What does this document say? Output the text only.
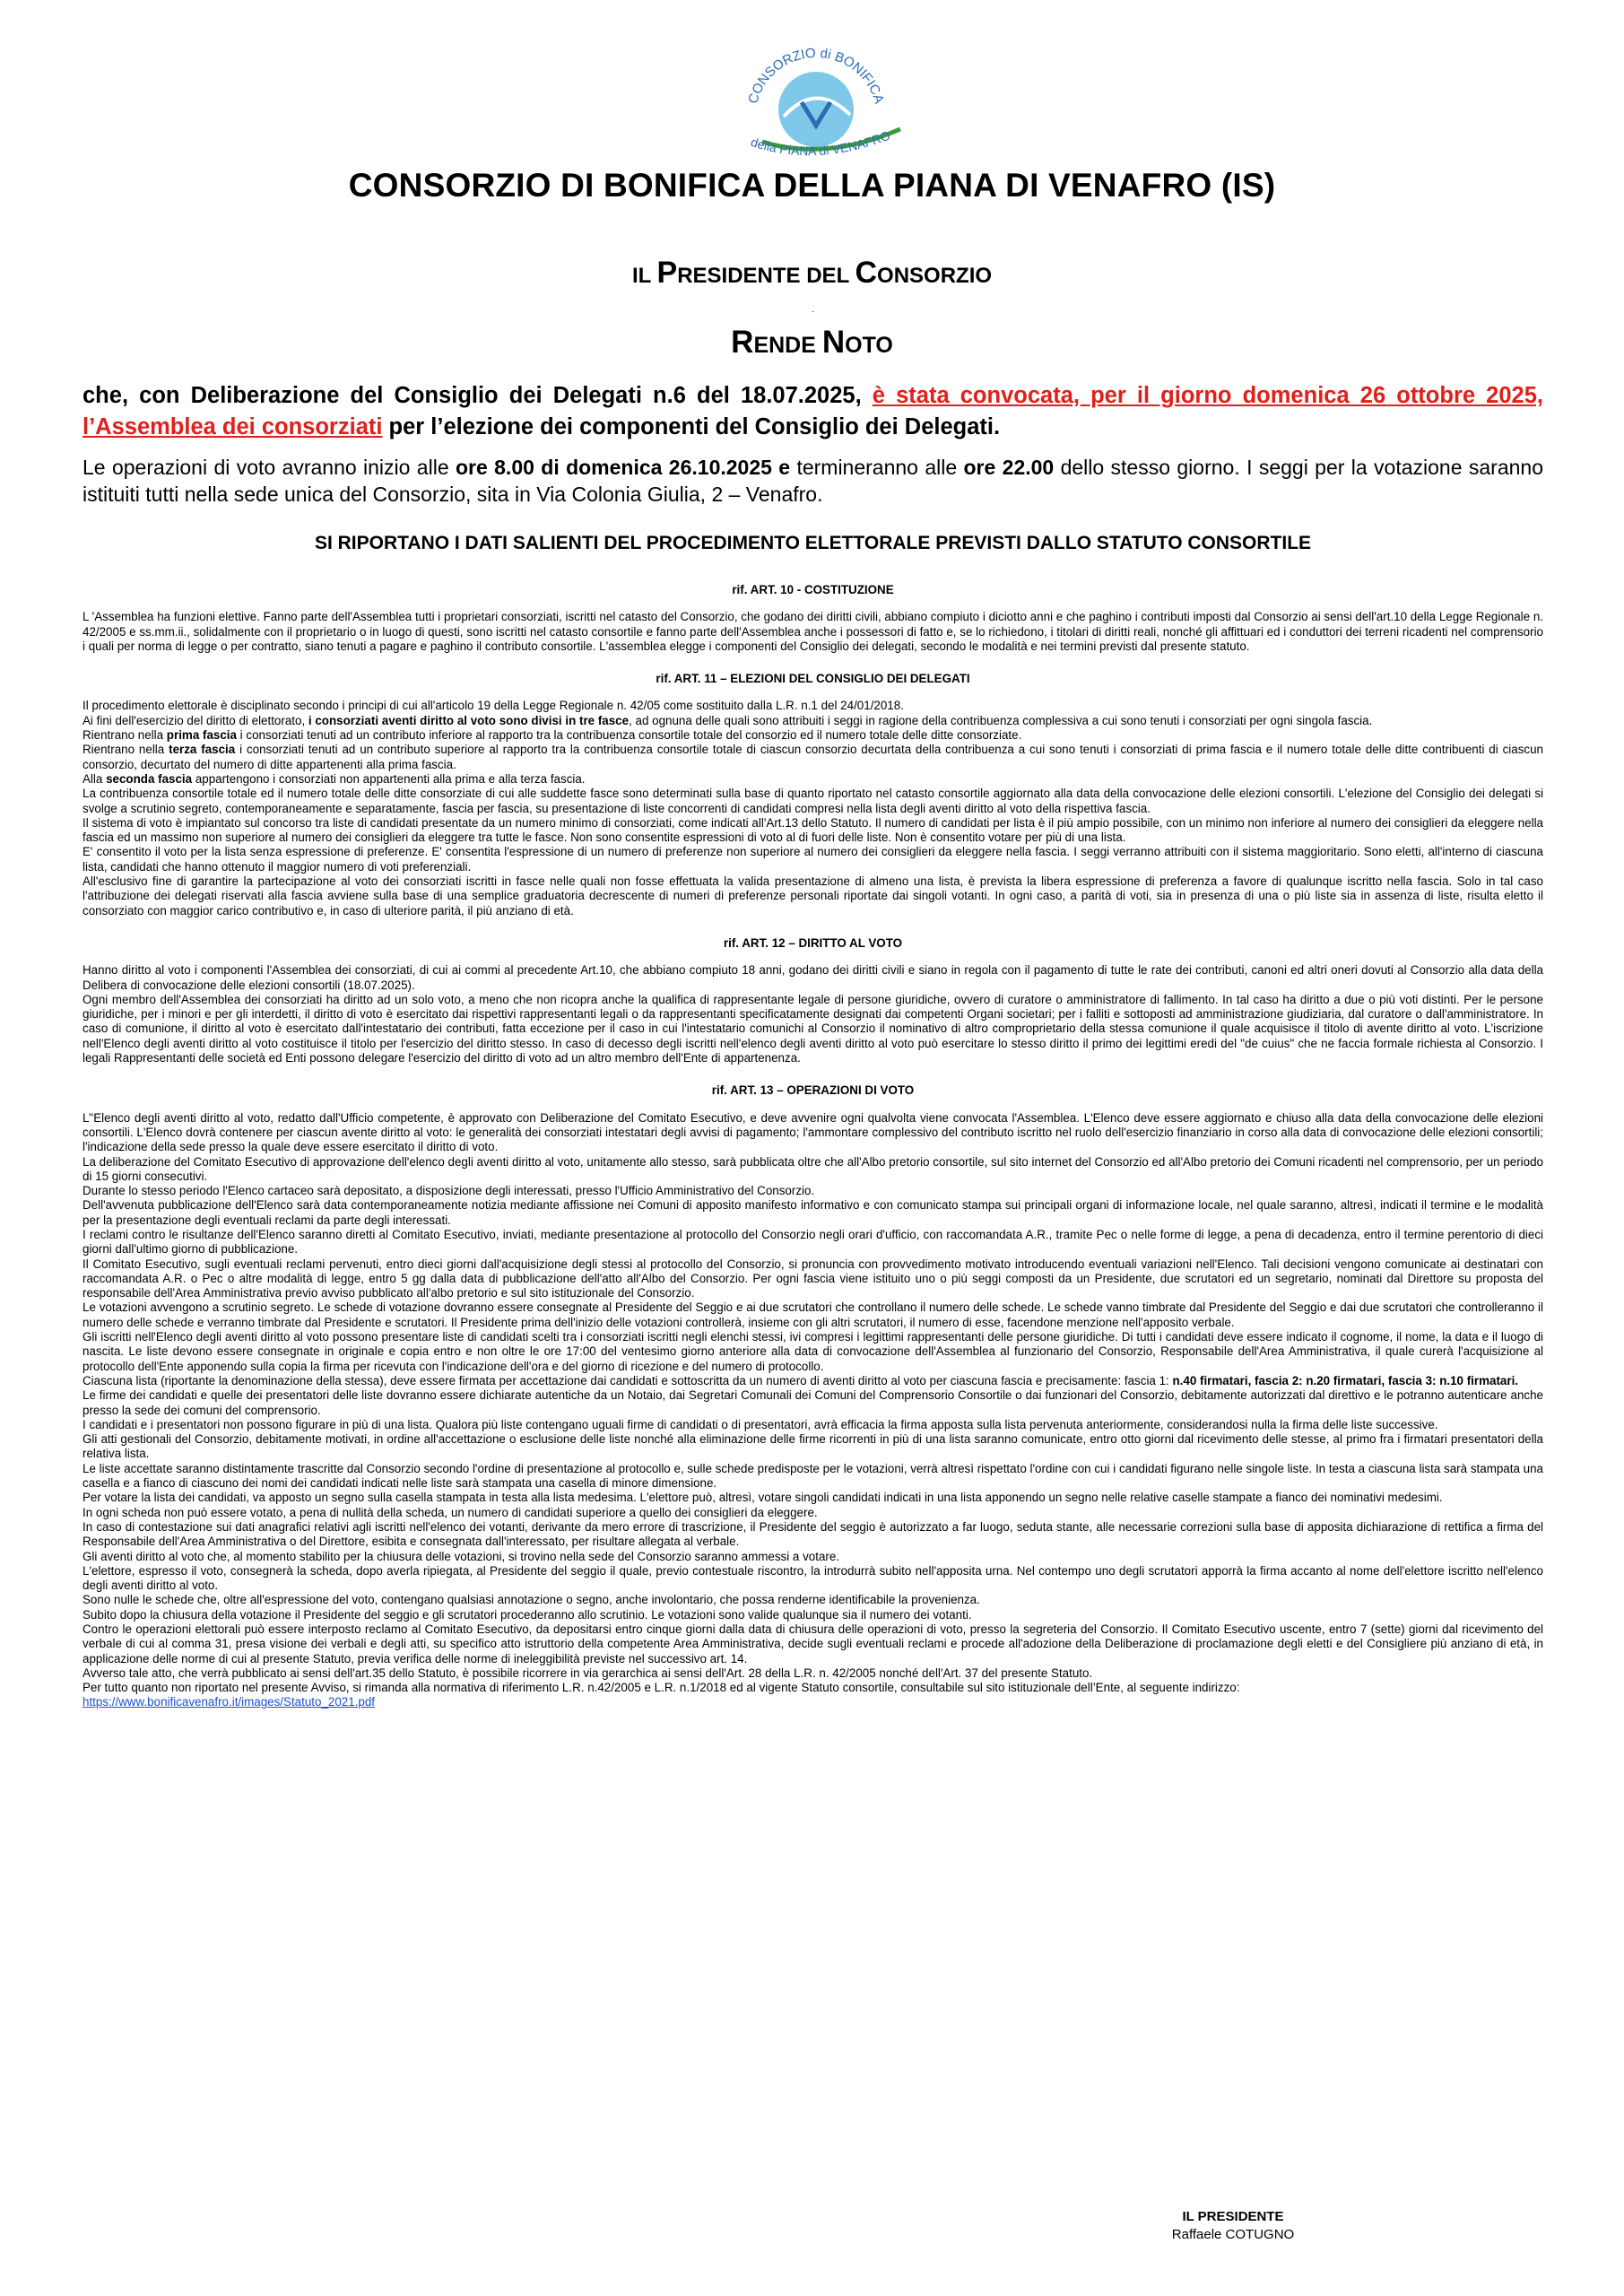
CONSORZIO di BONIFICA
della PIANA di VENAFRO
CONSORZIO DI BONIFICA DELLA PIANA DI VENAFRO (IS)
IL PRESIDENTE DEL CONSORZIO
.
RENDE NOTO
che, con Deliberazione del Consiglio dei Delegati n.6 del 18.07.2025, è stata convocata, per il giorno domenica 26 ottobre 2025, l’Assemblea dei consorziati per l’elezione dei componenti del Consiglio dei Delegati.
Le operazioni di voto avranno inizio alle ore 8.00 di domenica 26.10.2025 e termineranno alle ore 22.00 dello stesso giorno. I seggi per la votazione saranno istituiti tutti nella sede unica del Consorzio, sita in Via Colonia Giulia, 2 – Venafro.
SI RIPORTANO I DATI SALIENTI DEL PROCEDIMENTO ELETTORALE PREVISTI DALLO STATUTO CONSORTILE
rif. ART. 10 - COSTITUZIONE

L 'Assemblea ha funzioni elettive. Fanno parte dell'Assemblea tutti i proprietari consorziati, iscritti nel catasto del Consorzio, che godano dei diritti civili, abbiano compiuto i diciotto anni e che paghino i contributi imposti dal Consorzio ai sensi dell'art.10 della Legge Regionale n. 42/2005 e ss.mm.ii., solidalmente con il proprietario o in luogo di questi, sono iscritti nel catasto consortile e fanno parte dell'Assemblea anche i possessori di fatto e, se lo richiedono, i titolari di diritti reali, nonché gli affittuari ed i conduttori dei terreni ricadenti nel comprensorio i quali per norma di legge o per contratto, siano tenuti a pagare e paghino il contributo consortile. L'assemblea elegge i componenti del Consiglio dei delegati, secondo le modalità e nei termini previsti dal presente statuto.

rif. ART. 11 – ELEZIONI DEL CONSIGLIO DEI DELEGATI

Il procedimento elettorale è disciplinato secondo i principi di cui all'articolo 19 della Legge Regionale n. 42/05 come sostituito dalla L.R. n.1 del 24/01/2018.

Ai fini dell'esercizio del diritto di elettorato, i consorziati aventi diritto al voto sono divisi in tre fasce, ad ognuna delle quali sono attribuiti i seggi in ragione della contribuenza complessiva a cui sono tenuti i consorziati per ogni singola fascia.

Rientrano nella prima fascia i consorziati tenuti ad un contributo inferiore al rapporto tra la contribuenza consortile totale del consorzio ed il numero totale delle ditte consorziate.

Rientrano nella terza fascia i consorziati tenuti ad un contributo superiore al rapporto tra la contribuenza consortile totale di ciascun consorzio decurtata della contribuenza a cui sono tenuti i consorziati di prima fascia e il numero totale delle ditte contribuenti di ciascun consorzio, decurtato del numero di ditte appartenenti alla prima fascia.

Alla seconda fascia appartengono i consorziati non appartenenti alla prima e alla terza fascia.

La contribuenza consortile totale ed il numero totale delle ditte consorziate di cui alle suddette fasce sono determinati sulla base di quanto riportato nel catasto consortile aggiornato alla data della convocazione delle elezioni consortili. L'elezione del Consiglio dei delegati si svolge a scrutinio segreto, contemporaneamente e separatamente, fascia per fascia, su presentazione di liste concorrenti di candidati compresi nella lista degli aventi diritto al voto della rispettiva fascia.

Il sistema di voto è impiantato sul concorso tra liste di candidati presentate da un numero minimo di consorziati, come indicati all'Art.13 dello Statuto. Il numero di candidati per lista è il più ampio possibile, con un minimo non inferiore al numero dei consiglieri da eleggere nella fascia ed un massimo non superiore al numero dei consiglieri da eleggere tra tutte le fasce. Non sono consentite espressioni di voto al di fuori delle liste. Non è consentito votare per più di una lista.

E' consentito il voto per la lista senza espressione di preferenze. E' consentita l'espressione di un numero di preferenze non superiore al numero dei consiglieri da eleggere nella fascia. I seggi verranno attribuiti con il sistema maggioritario. Sono eletti, all'interno di ciascuna lista, candidati che hanno ottenuto il maggior numero di voti preferenziali.

All'esclusivo fine di garantire la partecipazione al voto dei consorziati iscritti in fasce nelle quali non fosse effettuata la valida presentazione di almeno una lista, è prevista la libera espressione di preferenza a favore di qualunque iscritto nella fascia. Solo in tal caso l'attribuzione dei delegati riservati alla fascia avviene sulla base di una semplice graduatoria decrescente di numeri di preferenze personali riportate dai singoli votanti. In ogni caso, a parità di voti, sia in presenza di una o più liste sia in assenza di liste, risulta eletto il consorziato con maggior carico contributivo e, in caso di ulteriore parità, il più anziano di età.

rif. ART. 12 – DIRITTO AL VOTO

Hanno diritto al voto i componenti l'Assemblea dei consorziati, di cui ai commi al precedente Art.10, che abbiano compiuto 18 anni, godano dei diritti civili e siano in regola con il pagamento di tutte le rate dei contributi, canoni ed altri oneri dovuti al Consorzio alla data della Delibera di convocazione delle elezioni consortili (18.07.2025).

Ogni membro dell'Assemblea dei consorziati ha diritto ad un solo voto, a meno che non ricopra anche la qualifica di rappresentante legale di persone giuridiche, ovvero di curatore o amministratore di fallimento. In tal caso ha diritto a due o più voti distinti. Per le persone giuridiche, per i minori e per gli interdetti, il diritto di voto è esercitato dai rispettivi rappresentanti legali o da rappresentanti specificatamente designati dai competenti Organi societari; per i falliti e sottoposti ad amministrazione giudiziaria, dal curatore o dall'amministratore. In caso di comunione, il diritto al voto è esercitato dall'intestatario dei contributi, fatta eccezione per il caso in cui l'intestatario comunichi al Consorzio il nominativo di altro comproprietario della stessa comunione il quale acquisisce il titolo di avente diritto al voto. L'iscrizione nell'Elenco degli aventi diritto al voto costituisce il titolo per l'esercizio del diritto stesso. In caso di decesso degli iscritti nell'elenco degli aventi diritto al voto può esercitare lo stesso diritto il primo dei legittimi eredi del "de cuius" che ne faccia formale richiesta al Consorzio. I legali Rappresentanti delle società ed Enti possono delegare l'esercizio del diritto di voto ad un altro membro dell'Ente di appartenenza.

rif. ART. 13 – OPERAZIONI DI VOTO

L’'Elenco degli aventi diritto al voto, redatto dall'Ufficio competente, è approvato con Deliberazione del Comitato Esecutivo, e deve avvenire ogni qualvolta viene convocata l'Assemblea. L'Elenco deve essere aggiornato e chiuso alla data della convocazione delle elezioni consortili. L'Elenco dovrà contenere per ciascun avente diritto al voto: le generalità dei consorziati intestatari degli avvisi di pagamento; l'ammontare complessivo del contributo iscritto nel ruolo dell'esercizio finanziario in corso alla data di convocazione delle elezioni consortili; l'indicazione della sede presso la quale deve essere esercitato il diritto di voto.

La deliberazione del Comitato Esecutivo di approvazione dell'elenco degli aventi diritto al voto, unitamente allo stesso, sarà pubblicata oltre che all'Albo pretorio consortile, sul sito internet del Consorzio ed all'Albo pretorio dei Comuni ricadenti nel comprensorio, per un periodo di 15 giorni consecutivi.

Durante lo stesso periodo l'Elenco cartaceo sarà depositato, a disposizione degli interessati, presso l'Ufficio Amministrativo del Consorzio.

Dell'avvenuta pubblicazione dell'Elenco sarà data contemporaneamente notizia mediante affissione nei Comuni di apposito manifesto informativo e con comunicato stampa sui principali organi di informazione locale, nel quale saranno, altresì, indicati il termine e le modalità per la presentazione degli eventuali reclami da parte degli interessati.

I reclami contro le risultanze dell'Elenco saranno diretti al Comitato Esecutivo, inviati, mediante presentazione al protocollo del Consorzio negli orari d'ufficio, con raccomandata A.R., tramite Pec o nelle forme di legge, a pena di decadenza, entro il termine perentorio di dieci giorni dall'ultimo giorno di pubblicazione.

Il Comitato Esecutivo, sugli eventuali reclami pervenuti, entro dieci giorni dall'acquisizione degli stessi al protocollo del Consorzio, si pronuncia con provvedimento motivato introducendo eventuali variazioni nell'Elenco. Tali decisioni vengono comunicate ai destinatari con raccomandata A.R. o Pec o altre modalità di legge, entro 5 gg dalla data di pubblicazione dell'atto all'Albo del Consorzio. Per ogni fascia viene istituito uno o più seggi composti da un Presidente, due scrutatori ed un segretario, nominati dal Direttore su proposta del responsabile dell'Area Amministrativa previo avviso pubblicato all'albo pretorio e sul sito istituzionale del Consorzio.

Le votazioni avvengono a scrutinio segreto. Le schede di votazione dovranno essere consegnate al Presidente del Seggio e ai due scrutatori che controllano il numero delle schede. Le schede vanno timbrate dal Presidente del Seggio e dai due scrutatori che controlleranno il numero delle schede e verranno timbrate dal Presidente e scrutatori. Il Presidente prima dell'inizio delle votazioni controllerà, insieme con gli altri scrutatori, il numero di esse, facendone menzione nell'apposito verbale.

Gli iscritti nell'Elenco degli aventi diritto al voto possono presentare liste di candidati scelti tra i consorziati iscritti negli elenchi stessi, ivi compresi i legittimi rappresentanti delle persone giuridiche. Di tutti i candidati deve essere indicato il cognome, il nome, la data e il luogo di nascita. Le liste devono essere consegnate in originale e copia entro e non oltre le ore 17:00 del ventesimo giorno anteriore alla data di convocazione dell'Assemblea al funzionario del Consorzio, Responsabile dell'Area Amministrativa, il quale curerà l'acquisizione al protocollo dell'Ente apponendo sulla copia la firma per ricevuta con l'indicazione dell'ora e del giorno di ricezione e del numero di protocollo.

Ciascuna lista (riportante la denominazione della stessa), deve essere firmata per accettazione dai candidati e sottoscritta da un numero di aventi diritto al voto per ciascuna fascia e precisamente: fascia 1: n.40 firmatari, fascia 2: n.20 firmatari, fascia 3: n.10 firmatari.

Le firme dei candidati e quelle dei presentatori delle liste dovranno essere dichiarate autentiche da un Notaio, dai Segretari Comunali dei Comuni del Comprensorio Consortile o dai funzionari del Consorzio, debitamente autorizzati dal direttivo e le potranno autenticare anche presso la sede dei comuni del comprensorio.

I candidati e i presentatori non possono figurare in più di una lista. Qualora più liste contengano uguali firme di candidati o di presentatori, avrà efficacia la firma apposta sulla lista pervenuta anteriormente, considerandosi nulla la firma delle liste successive.

Gli atti gestionali del Consorzio, debitamente motivati, in ordine all'accettazione o esclusione delle liste nonché alla eliminazione delle firme ricorrenti in più di una lista saranno comunicate, entro otto giorni dal ricevimento delle stesse, al primo fra i firmatari presentatori della relativa lista.

Le liste accettate saranno distintamente trascritte dal Consorzio secondo l'ordine di presentazione al protocollo e, sulle schede predisposte per le votazioni, verrà altresì rispettato l'ordine con cui i candidati figurano nelle singole liste. In testa a ciascuna lista sarà stampata una casella e a fianco di ciascuno dei nomi dei candidati indicati nelle liste sarà stampata una casella di minore dimensione.

Per votare la lista dei candidati, va apposto un segno sulla casella stampata in testa alla lista medesima. L'elettore può, altresì, votare singoli candidati indicati in una lista apponendo un segno nelle relative caselle stampate a fianco dei nominativi medesimi.

In ogni scheda non può essere votato, a pena di nullità della scheda, un numero di candidati superiore a quello dei consiglieri da eleggere.

In caso di contestazione sui dati anagrafici relativi agli iscritti nell'elenco dei votanti, derivante da mero errore di trascrizione, il Presidente del seggio è autorizzato a far luogo, seduta stante, alle necessarie correzioni sulla base di apposita dichiarazione di rettifica a firma del Responsabile dell'Area Amministrativa o del Direttore, esibita e consegnata dall'interessato, per risultare allegata al verbale.

Gli aventi diritto al voto che, al momento stabilito per la chiusura delle votazioni, si trovino nella sede del Consorzio saranno ammessi a votare.

L'elettore, espresso il voto, consegnerà la scheda, dopo averla ripiegata, al Presidente del seggio il quale, previo contestuale riscontro, la introdurrà subito nell'apposita urna. Nel contempo uno degli scrutatori apporrà la firma accanto al nome dell'elettore iscritto nell'elenco degli aventi diritto al voto.

Sono nulle le schede che, oltre all'espressione del voto, contengano qualsiasi annotazione o segno, anche involontario, che possa renderne identificabile la provenienza.

Subito dopo la chiusura della votazione il Presidente del seggio e gli scrutatori procederanno allo scrutinio. Le votazioni sono valide qualunque sia il numero dei votanti.

Contro le operazioni elettorali può essere interposto reclamo al Comitato Esecutivo, da depositarsi entro cinque giorni dalla data di chiusura delle operazioni di voto, presso la segreteria del Consorzio. Il Comitato Esecutivo uscente, entro 7 (sette) giorni dal ricevimento del verbale di cui al comma 31, presa visione dei verbali e degli atti, su specifico atto istruttorio della competente Area Amministrativa, decide sugli eventuali reclami e procede all'adozione della Deliberazione di proclamazione degli eletti e del Consigliere più anziano di età, in applicazione delle norme di cui al presente Statuto, previa verifica delle norme di ineleggibilità previste nel successivo art. 14.

Avverso tale atto, che verrà pubblicato ai sensi dell'art.35 dello Statuto, è possibile ricorrere in via gerarchica ai sensi dell'Art. 28 della L.R. n. 42/2005 nonché dell'Art. 37 del presente Statuto.

Per tutto quanto non riportato nel presente Avviso, si rimanda alla normativa di riferimento L.R. n.42/2005 e L.R. n.1/2018 ed al vigente Statuto consortile, consultabile sul sito istituzionale dell’Ente, al seguente indirizzo:

https://www.bonificavenafro.it/images/Statuto_2021.pdf

IL PRESIDENTE
Raffaele COTUGNO
